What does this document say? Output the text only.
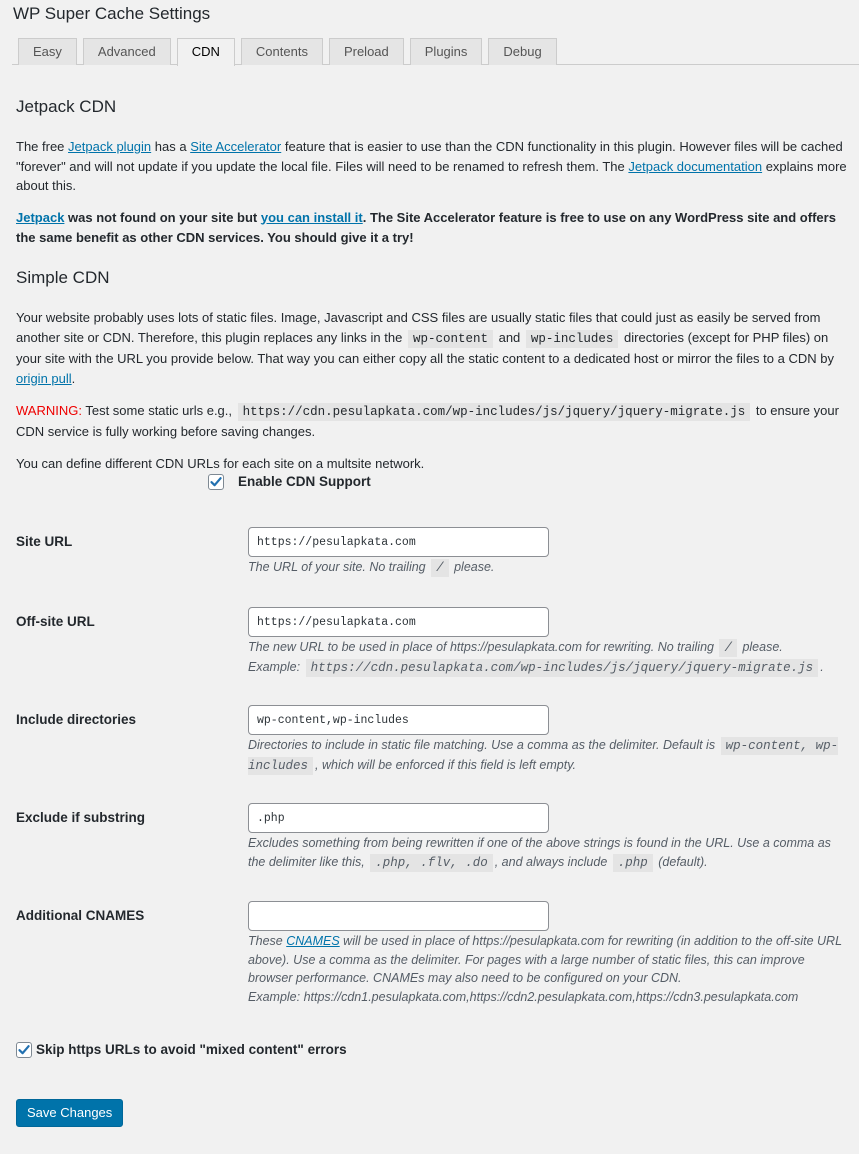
WP Super Cache Settings
Easy	Advanced	CDN	Contents	Preload	Plugins	Debug
Jetpack CDN

The free Jetpack plugin has a Site Accelerator feature that is easier to use than the CDN functionality in this plugin. However files will be cached "forever" and will not update if you update the local file. Files will need to be renamed to refresh them. The Jetpack documentation explains more about this.

Jetpack was not found on your site but you can install it. The Site Accelerator feature is free to use on any WordPress site and offers the same benefit as other CDN services. You should give it a try!

Simple CDN

Your website probably uses lots of static files. Image, Javascript and CSS files are usually static files that could just as easily be served from another site or CDN. Therefore, this plugin replaces any links in the wp-content and wp-includes directories (except for PHP files) on your site with the URL you provide below. That way you can either copy all the static content to a dedicated host or mirror the files to a CDN by origin pull.

WARNING: Test some static urls e.g., https://cdn.pesulapkata.com/wp-includes/js/jquery/jquery-migrate.js to ensure your CDN service is fully working before saving changes.

You can define different CDN URLs for each site on a multsite network.

Enable CDN Support
Site URL
https://pesulapkata.com
The URL of your site. No trailing / please.
Off-site URL
https://pesulapkata.com
The new URL to be used in place of https://pesulapkata.com for rewriting. No trailing / please.
Example: https://cdn.pesulapkata.com/wp-includes/js/jquery/jquery-migrate.js .
Include directories
wp-content,wp-includes
Directories to include in static file matching. Use a comma as the delimiter. Default is wp-content, wp-includes , which will be enforced if this field is left empty.
Exclude if substring
.php
Excludes something from being rewritten if one of the above strings is found in the URL. Use a comma as the delimiter like this, .php, .flv, .do , and always include .php (default).
Additional CNAMES
These CNAMES will be used in place of https://pesulapkata.com for rewriting (in addition to the off-site URL above). Use a comma as the delimiter. For pages with a large number of static files, this can improve browser performance. CNAMEs may also need to be configured on your CDN.
Example: https://cdn1.pesulapkata.com,https://cdn2.pesulapkata.com,https://cdn3.pesulapkata.com
Skip https URLs to avoid "mixed content" errors
Save Changes
